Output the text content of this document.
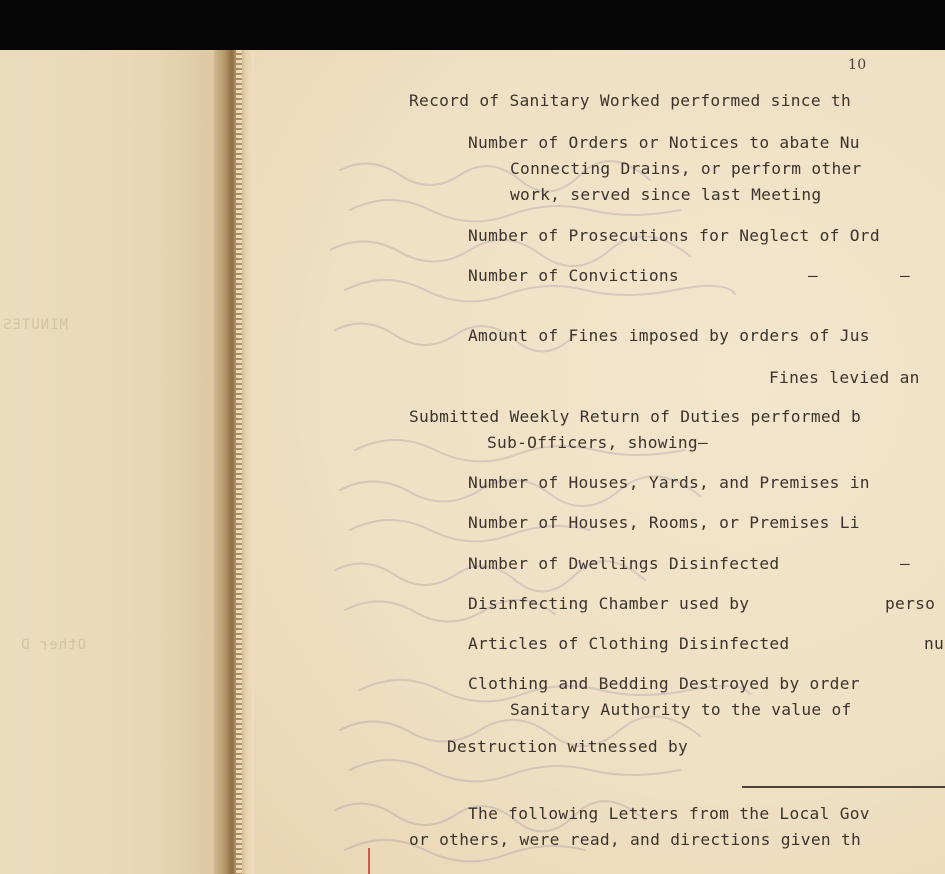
MINUTES
Other D
10
Record of Sanitary Worked performed since th
Number of Orders or Notices to abate Nu
Connecting Drains, or perform other
work, served since last Meeting
Number of Prosecutions for Neglect of Ord
Number of Convictions	–	–
Amount of Fines imposed by orders of Jus
Fines levied an
Submitted Weekly Return of Duties performed b
Sub-Officers, showing—
Number of Houses, Yards, and Premises in
Number of Houses, Rooms, or Premises Li
Number of Dwellings Disinfected	–
Disinfecting Chamber used by	perso
Articles of Clothing Disinfected	nu
Clothing and Bedding Destroyed by order
Sanitary Authority to the value of
Destruction witnessed by
The following Letters from the Local Gov
or others, were read, and directions given th
